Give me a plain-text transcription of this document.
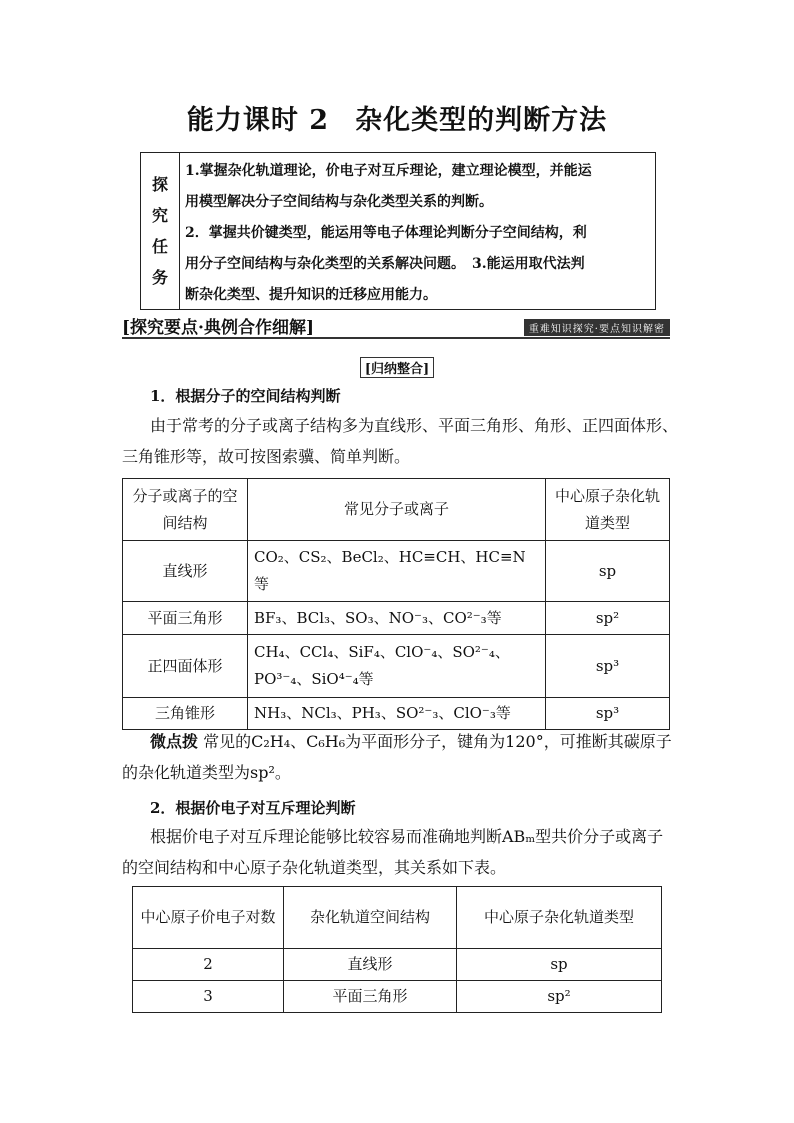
能力课时 2 杂化类型的判断方法
探
究
任
务
1.掌握杂化轨道理论，价电子对互斥理论，建立理论模型，并能运
用模型解决分子空间结构与杂化类型关系的判断。
2．掌握共价键类型，能运用等电子体理论判断分子空间结构，利
用分子空间结构与杂化类型的关系解决问题。　3.能运用取代法判
断杂化类型、提升知识的迁移应用能力。
[探究要点·典例合作细解]	重难知识探究·要点知识解密
[归纳整合]
1．根据分子的空间结构判断
由于常考的分子或离子结构多为直线形、平面三角形、角形、正四面体形、
三角锥形等，故可按图索骥、简单判断。
分子或离子的空间结构	常见分子或离子	中心原子杂化轨道类型
直线形	CO₂、CS₂、BeCl₂、HC≡CH、HC≡N等	sp
平面三角形	BF₃、BCl₃、SO₃、NO⁻₃、CO²⁻₃等	sp²
正四面体形	CH₄、CCl₄、SiF₄、ClO⁻₄、SO²⁻₄、PO³⁻₄、SiO⁴⁻₄等	sp³
三角锥形	NH₃、NCl₃、PH₃、SO²⁻₃、ClO⁻₃等	sp³
微点拨 常见的C₂H₄、C₆H₆为平面形分子，键角为120°，可推断其碳原子
的杂化轨道类型为sp²。
2．根据价电子对互斥理论判断
根据价电子对互斥理论能够比较容易而准确地判断ABₘ型共价分子或离子
的空间结构和中心原子杂化轨道类型，其关系如下表。
中心原子价电子对数	杂化轨道空间结构	中心原子杂化轨道类型
2	直线形	sp
3	平面三角形	sp²
